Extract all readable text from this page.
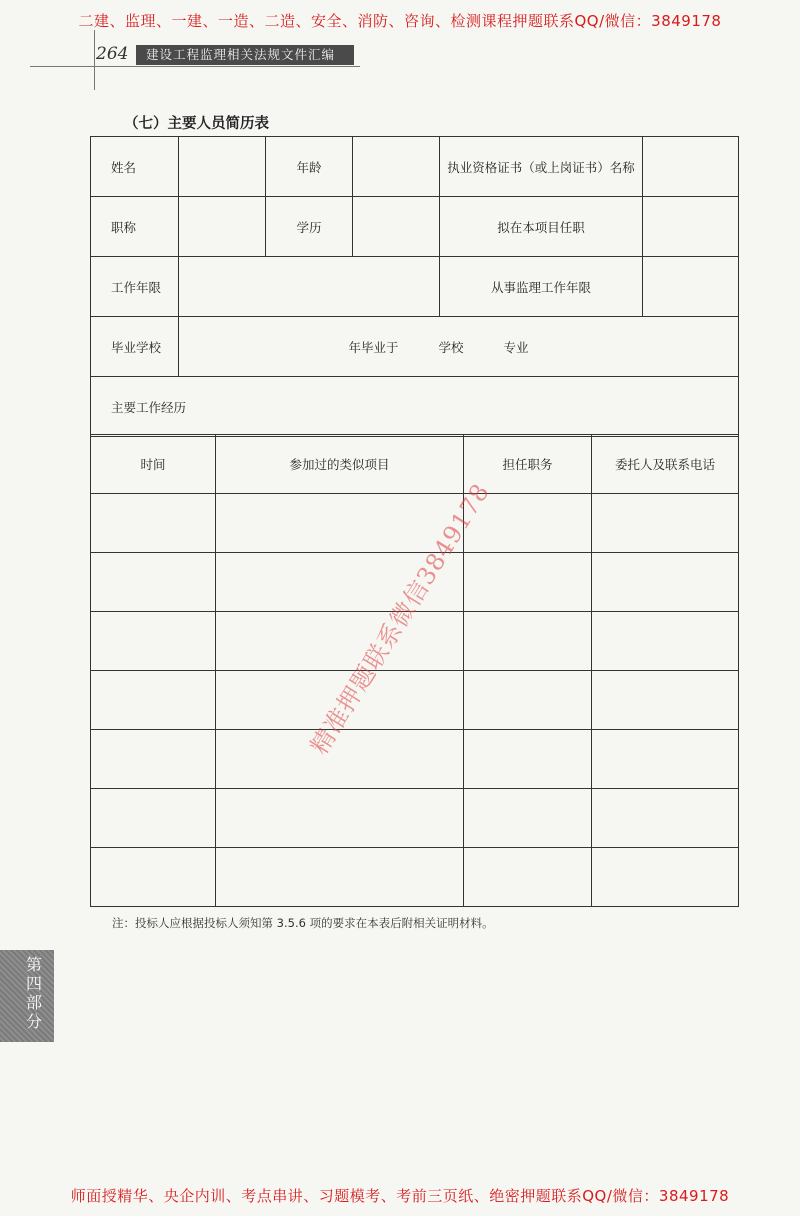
二建、监理、一建、一造、二造、安全、消防、咨询、检测课程押题联系QQ/微信：3849178
264	建设工程监理相关法规文件汇编
（七）主要人员简历表
姓名		年龄		执业资格证书（或上岗证书）名称	
职称		学历		拟在本项目任职	
工作年限				从事监理工作年限	
毕业学校	年毕业于 学校 专业				
主要工作经历					
时间	参加过的类似项目	担任职务	委托人及联系电话

精准押题联系微信3849178
注：投标人应根据投标人须知第 3.5.6 项的要求在本表后附相关证明材料。
第四部分
师面授精华、央企内训、考点串讲、习题模考、考前三页纸、绝密押题联系QQ/微信：3849178
